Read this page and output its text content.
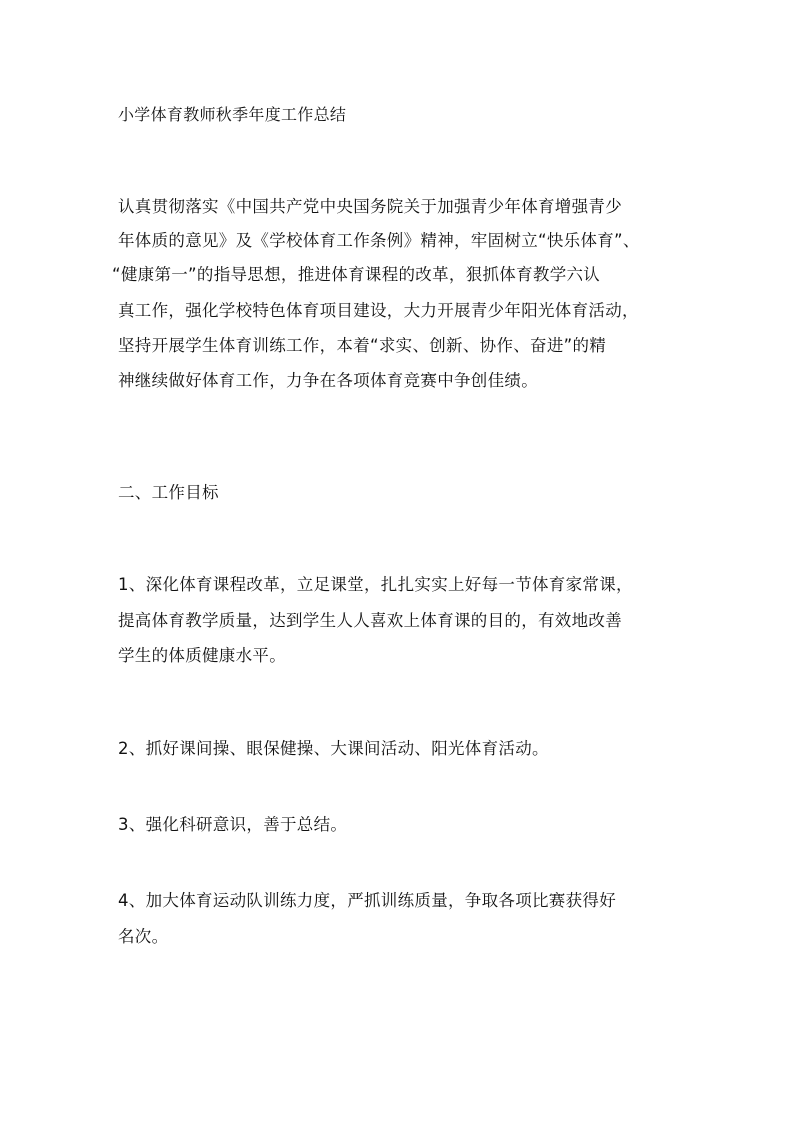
小学体育教师秋季年度工作总结
认真贯彻落实《中国共产党中央国务院关于加强青少年体育增强青少
年体质的意见》及《学校体育工作条例》精神，牢固树立“快乐体育”、
“健康第一”的指导思想，推进体育课程的改革，狠抓体育教学六认
真工作，强化学校特色体育项目建设，大力开展青少年阳光体育活动，
坚持开展学生体育训练工作，本着“求实、创新、协作、奋进”的精
神继续做好体育工作，力争在各项体育竞赛中争创佳绩。
二、工作目标
1、深化体育课程改革，立足课堂，扎扎实实上好每一节体育家常课，
提高体育教学质量，达到学生人人喜欢上体育课的目的，有效地改善
学生的体质健康水平。
2、抓好课间操、眼保健操、大课间活动、阳光体育活动。
3、强化科研意识，善于总结。
4、加大体育运动队训练力度，严抓训练质量，争取各项比赛获得好
名次。
